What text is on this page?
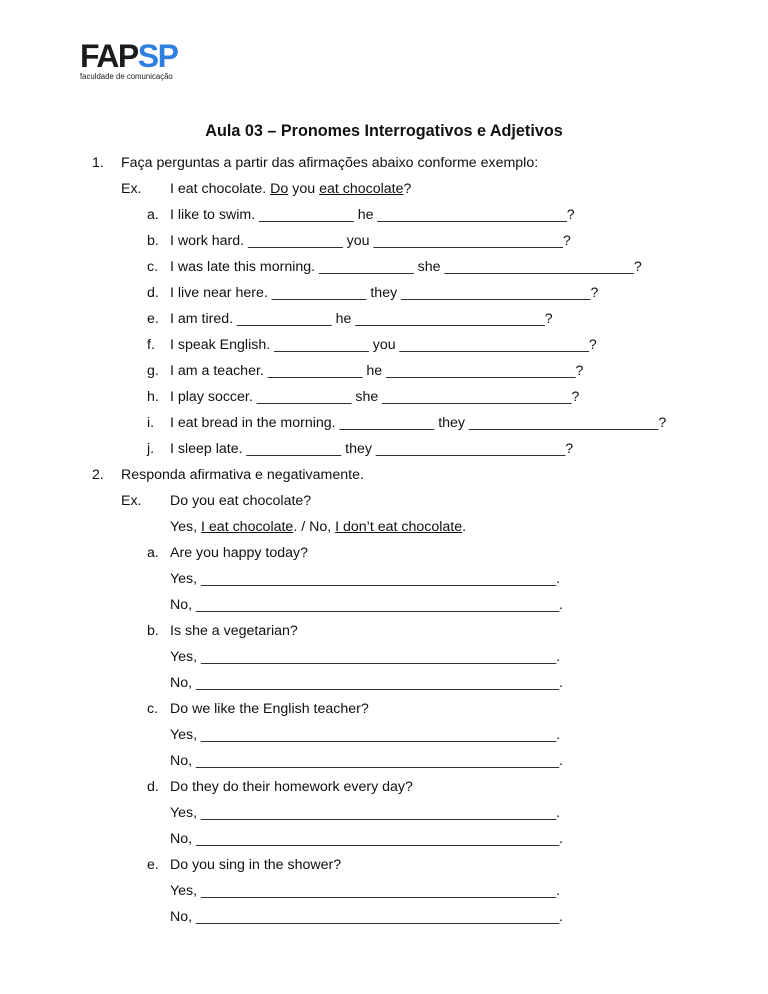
FAP SP
faculdade de comunicação
Aula 03 – Pronomes Interrogativos e Adjetivos
1. Faça perguntas a partir das afirmações abaixo conforme exemplo:
Ex. I eat chocolate. Do you eat chocolate?
a. I like to swim. ____________ he ________________________?
b. I work hard. ____________ you ________________________?
c. I was late this morning. ____________ she ________________________?
d. I live near here. ____________ they ________________________?
e. I am tired. ____________ he ________________________?
f. I speak English. ____________ you ________________________?
g. I am a teacher. ____________ he ________________________?
h. I play soccer. ____________ she ________________________?
i. I eat bread in the morning. ____________ they ________________________?
j. I sleep late. ____________ they ________________________?
2. Responda afirmativa e negativamente.
Ex. Do you eat chocolate?
Yes, I eat chocolate. / No, I don’t eat chocolate.
a. Are you happy today?
Yes, _____________________________________________.
No, ______________________________________________.
b. Is she a vegetarian?
Yes, _____________________________________________.
No, ______________________________________________.
c. Do we like the English teacher?
Yes, _____________________________________________.
No, ______________________________________________.
d. Do they do their homework every day?
Yes, _____________________________________________.
No, ______________________________________________.
e. Do you sing in the shower?
Yes, _____________________________________________.
No, ______________________________________________.
